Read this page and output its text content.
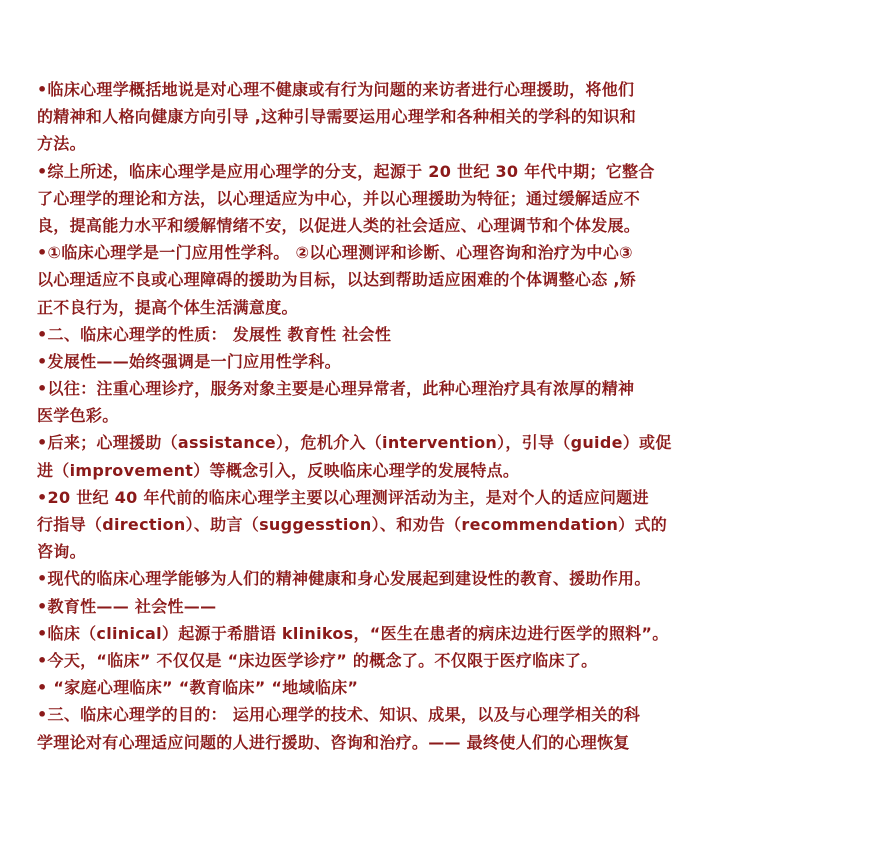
•临床心理学概括地说是对心理不健康或有行为问题的来访者进行心理援助，将他们
的精神和人格向健康方向引导 ,这种引导需要运用心理学和各种相关的学科的知识和
方法。
•综上所述，临床心理学是应用心理学的分支，起源于 20 世纪 30 年代中期；它整合
了心理学的理论和方法，以心理适应为中心，并以心理援助为特征；通过缓解适应不
良，提高能力水平和缓解情绪不安，以促进人类的社会适应、心理调节和个体发展。
•①临床心理学是一门应用性学科。 ②以心理测评和诊断、心理咨询和治疗为中心③
以心理适应不良或心理障碍的援助为目标，以达到帮助适应困难的个体调整心态 ,矫
正不良行为，提高个体生活满意度。
•二、临床心理学的性质： 发展性 教育性 社会性
•发展性——始终强调是一门应用性学科。
•以往：注重心理诊疗，服务对象主要是心理异常者，此种心理治疗具有浓厚的精神
医学色彩。
•后来；心理援助（assistance），危机介入（intervention），引导（guide）或促
进（improvement）等概念引入，反映临床心理学的发展特点。
•20 世纪 40 年代前的临床心理学主要以心理测评活动为主，是对个人的适应问题进
行指导（direction）、助言（suggesstion）、和劝告（recommendation）式的
咨询。
•现代的临床心理学能够为人们的精神健康和身心发展起到建设性的教育、援助作用。
•教育性—— 社会性——
•临床（clinical）起源于希腊语 klinikos，“医生在患者的病床边进行医学的照料”。
•今天，“临床” 不仅仅是 “床边医学诊疗” 的概念了。不仅限于医疗临床了。
• “家庭心理临床” “教育临床” “地域临床”
•三、临床心理学的目的： 运用心理学的技术、知识、成果，以及与心理学相关的科
学理论对有心理适应问题的人进行援助、咨询和治疗。—— 最终使人们的心理恢复
